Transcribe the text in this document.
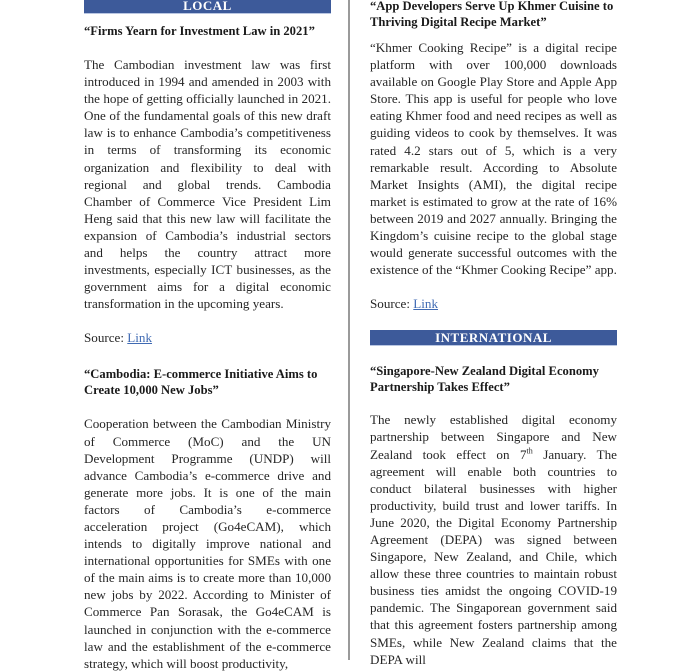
LOCAL
“Firms Yearn for Investment Law in 2021”
The Cambodian investment law was first introduced in 1994 and amended in 2003 with the hope of getting officially launched in 2021. One of the fundamental goals of this new draft law is to enhance Cambodia’s competitiveness in terms of transforming its economic organization and flexibility to deal with regional and global trends. Cambodia Chamber of Commerce Vice President Lim Heng said that this new law will facilitate the expansion of Cambodia’s industrial sectors and helps the country attract more investments, especially ICT businesses, as the government aims for a digital economic transformation in the upcoming years.
Source: Link
“Cambodia: E-commerce Initiative Aims to Create 10,000 New Jobs”
Cooperation between the Cambodian Ministry of Commerce (MoC) and the UN Development Programme (UNDP) will advance Cambodia’s e-commerce drive and generate more jobs. It is one of the main factors of Cambodia’s e-commerce acceleration project (Go4eCAM), which intends to digitally improve national and international opportunities for SMEs with one of the main aims is to create more than 10,000 new jobs by 2022. According to Minister of Commerce Pan Sorasak, the Go4eCAM is launched in conjunction with the e-commerce law and the establishment of the e-commerce strategy, which will boost productivity,
“App Developers Serve Up Khmer Cuisine to Thriving Digital Recipe Market”
“Khmer Cooking Recipe” is a digital recipe platform with over 100,000 downloads available on Google Play Store and Apple App Store. This app is useful for people who love eating Khmer food and need recipes as well as guiding videos to cook by themselves. It was rated 4.2 stars out of 5, which is a very remarkable result. According to Absolute Market Insights (AMI), the digital recipe market is estimated to grow at the rate of 16% between 2019 and 2027 annually. Bringing the Kingdom’s cuisine recipe to the global stage would generate successful outcomes with the existence of the “Khmer Cooking Recipe” app.
Source: Link
INTERNATIONAL
“Singapore-New Zealand Digital Economy Partnership Takes Effect”
The newly established digital economy partnership between Singapore and New Zealand took effect on 7th January. The agreement will enable both countries to conduct bilateral businesses with higher productivity, build trust and lower tariffs. In June 2020, the Digital Economy Partnership Agreement (DEPA) was signed between Singapore, New Zealand, and Chile, which allow these three countries to maintain robust business ties amidst the ongoing COVID-19 pandemic. The Singaporean government said that this agreement fosters partnership among SMEs, while New Zealand claims that the DEPA will
